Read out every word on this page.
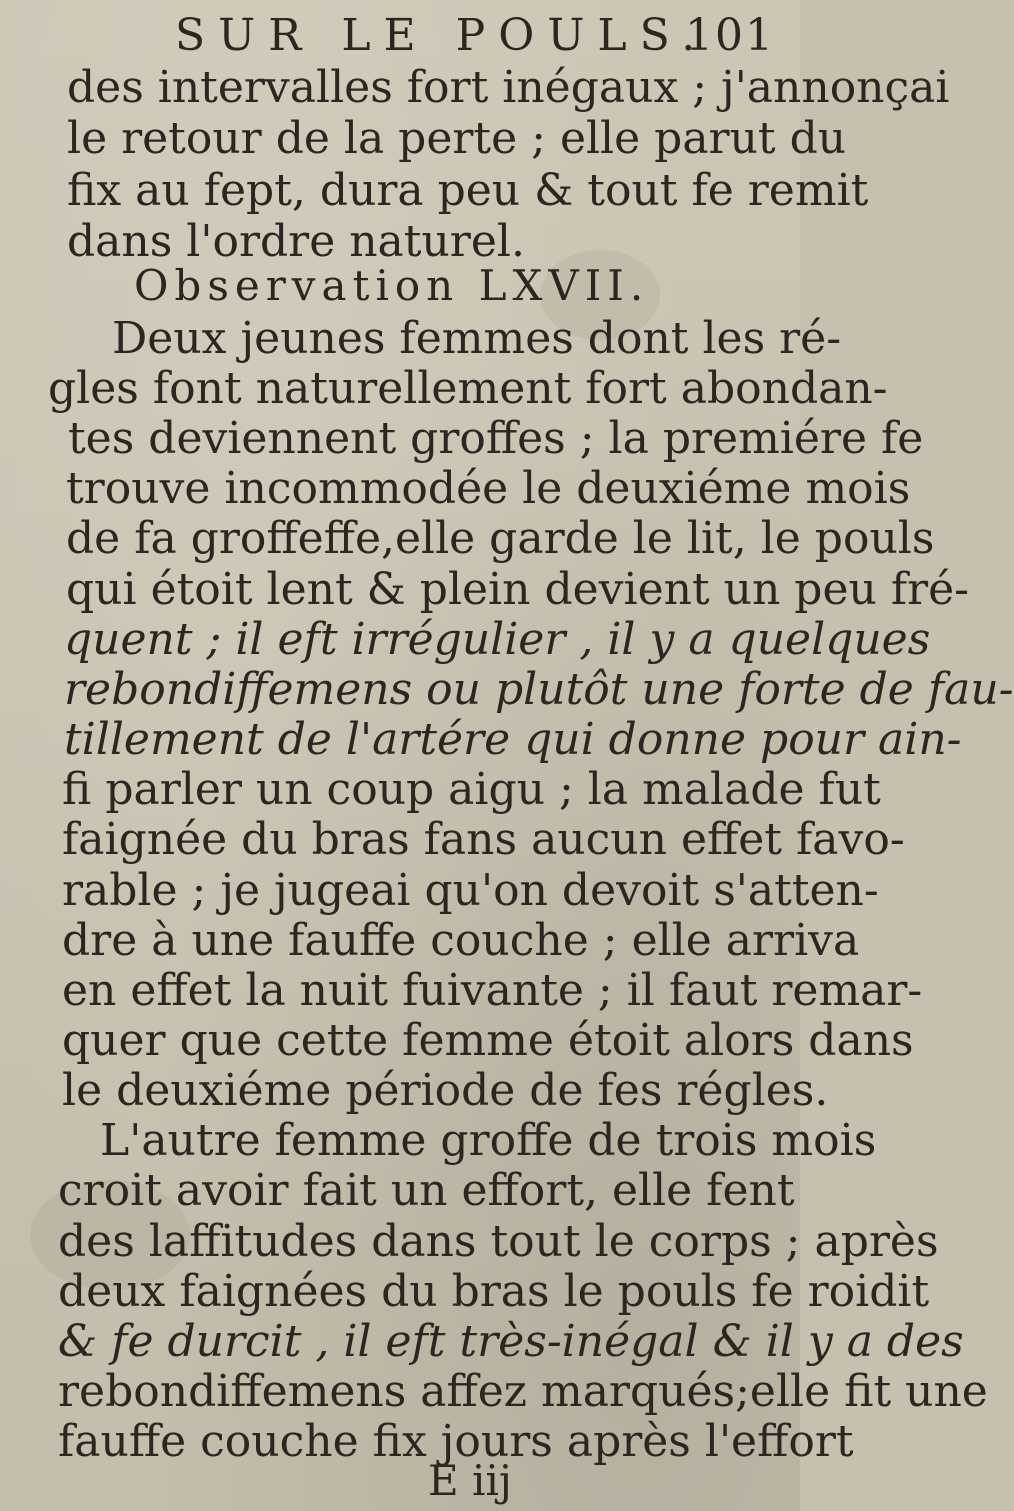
SUR LE POULS.
101
des intervalles fort inégaux ; j'annonçai
le retour de la perte ; elle parut du
fix au fept, dura peu & tout fe remit
dans l'ordre naturel.
Observation LXVII.
Deux jeunes femmes dont les ré-
gles font naturellement fort abondan-
tes deviennent groffes ; la premiére fe
trouve incommodée le deuxiéme mois
de fa groffeffe,elle garde le lit, le pouls
qui étoit lent & plein devient un peu fré-
quent ; il eft irrégulier , il y a quelques
rebondiffemens ou plutôt une forte de fau-
tillement de l'artére qui donne pour ain-
fi parler un coup aigu ; la malade fut
faignée du bras fans aucun effet favo-
rable ; je jugeai qu'on devoit s'atten-
dre à une fauffe couche ; elle arriva
en effet la nuit fuivante ; il faut remar-
quer que cette femme étoit alors dans
le deuxiéme période de fes régles.
L'autre femme groffe de trois mois
croit avoir fait un effort, elle fent
des laffitudes dans tout le corps ; après
deux faignées du bras le pouls fe roidit
& fe durcit , il eft très-inégal & il y a des
rebondiffemens affez marqués;elle fit une
fauffe couche fix jours après l'effort
E iij
